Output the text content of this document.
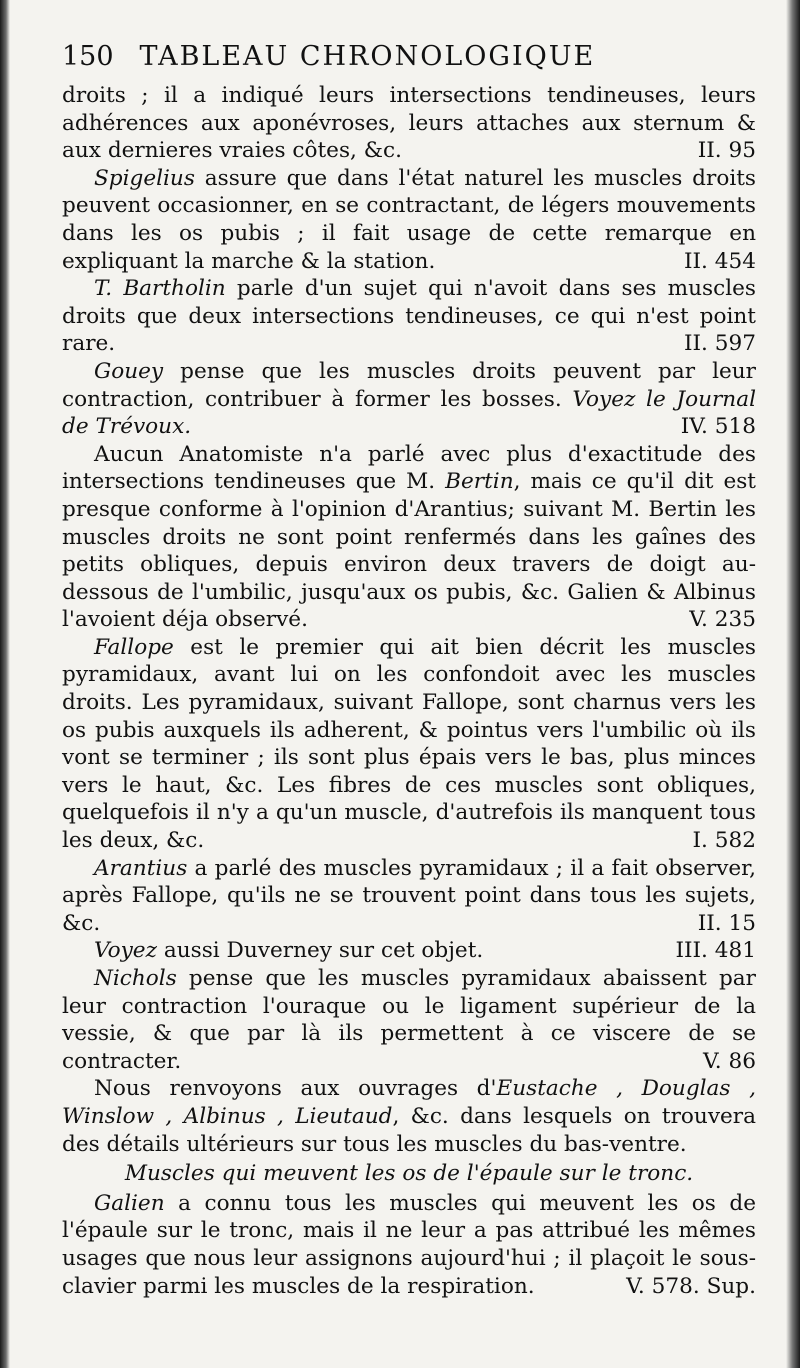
150 TABLEAU CHRONOLOGIQUE

droits ; il a indiqué leurs intersections tendineuses, leurs adhérences aux aponévroses, leurs attaches aux sternum & aux dernieres vraies côtes, &c.	II. 95

Spigelius assure que dans l'état naturel les muscles droits peuvent occasionner, en se contractant, de légers mouvements dans les os pubis ; il fait usage de cette remarque en expliquant la marche & la station.	II. 454

T. Bartholin parle d'un sujet qui n'avoit dans ses muscles droits que deux intersections tendineuses, ce qui n'est point rare.	II. 597

Gouey pense que les muscles droits peuvent par leur contraction, contribuer à former les bosses. Voyez le Journal de Trévoux.	IV. 518

Aucun Anatomiste n'a parlé avec plus d'exactitude des intersections tendineuses que M. Bertin, mais ce qu'il dit est presque conforme à l'opinion d'Arantius; suivant M. Bertin les muscles droits ne sont point renfermés dans les gaînes des petits obliques, depuis environ deux travers de doigt au-dessous de l'umbilic, jusqu'aux os pubis, &c. Galien & Albinus l'avoient déja observé.	V. 235

Fallope est le premier qui ait bien décrit les muscles pyramidaux, avant lui on les confondoit avec les muscles droits. Les pyramidaux, suivant Fallope, sont charnus vers les os pubis auxquels ils adherent, & pointus vers l'umbilic où ils vont se terminer ; ils sont plus épais vers le bas, plus minces vers le haut, &c. Les fibres de ces muscles sont obliques, quelquefois il n'y a qu'un muscle, d'autrefois ils manquent tous les deux, &c.	I. 582

Arantius a parlé des muscles pyramidaux ; il a fait observer, après Fallope, qu'ils ne se trouvent point dans tous les sujets, &c.	II. 15

Voyez aussi Duverney sur cet objet.	III. 481

Nichols pense que les muscles pyramidaux abaissent par leur contraction l'ouraque ou le ligament supérieur de la vessie, & que par là ils permettent à ce viscere de se contracter.	V. 86

Nous renvoyons aux ouvrages d'Eustache , Douglas , Winslow , Albinus , Lieutaud, &c. dans lesquels on trouvera des détails ultérieurs sur tous les muscles du bas-ventre.

Muscles qui meuvent les os de l'épaule sur le tronc.

Galien a connu tous les muscles qui meuvent les os de l'épaule sur le tronc, mais il ne leur a pas attribué les mêmes usages que nous leur assignons aujourd'hui ; il plaçoit le sous-clavier parmi les muscles de la respiration.	V. 578. Sup.
